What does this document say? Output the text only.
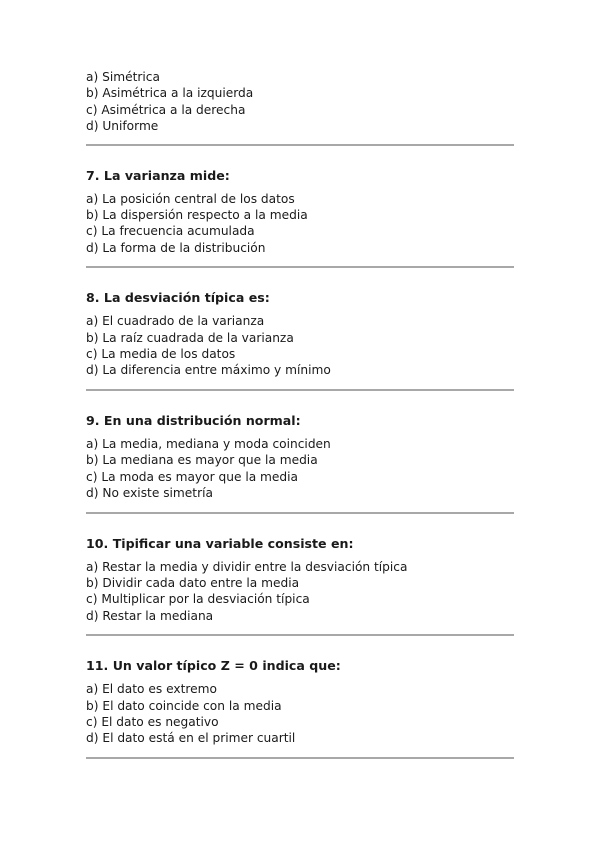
a) Simétrica
b) Asimétrica a la izquierda
c) Asimétrica a la derecha
d) Uniforme
7. La varianza mide:
a) La posición central de los datos
b) La dispersión respecto a la media
c) La frecuencia acumulada
d) La forma de la distribución
8. La desviación típica es:
a) El cuadrado de la varianza
b) La raíz cuadrada de la varianza
c) La media de los datos
d) La diferencia entre máximo y mínimo
9. En una distribución normal:
a) La media, mediana y moda coinciden
b) La mediana es mayor que la media
c) La moda es mayor que la media
d) No existe simetría
10. Tipificar una variable consiste en:
a) Restar la media y dividir entre la desviación típica
b) Dividir cada dato entre la media
c) Multiplicar por la desviación típica
d) Restar la mediana
11. Un valor típico Z = 0 indica que:
a) El dato es extremo
b) El dato coincide con la media
c) El dato es negativo
d) El dato está en el primer cuartil
